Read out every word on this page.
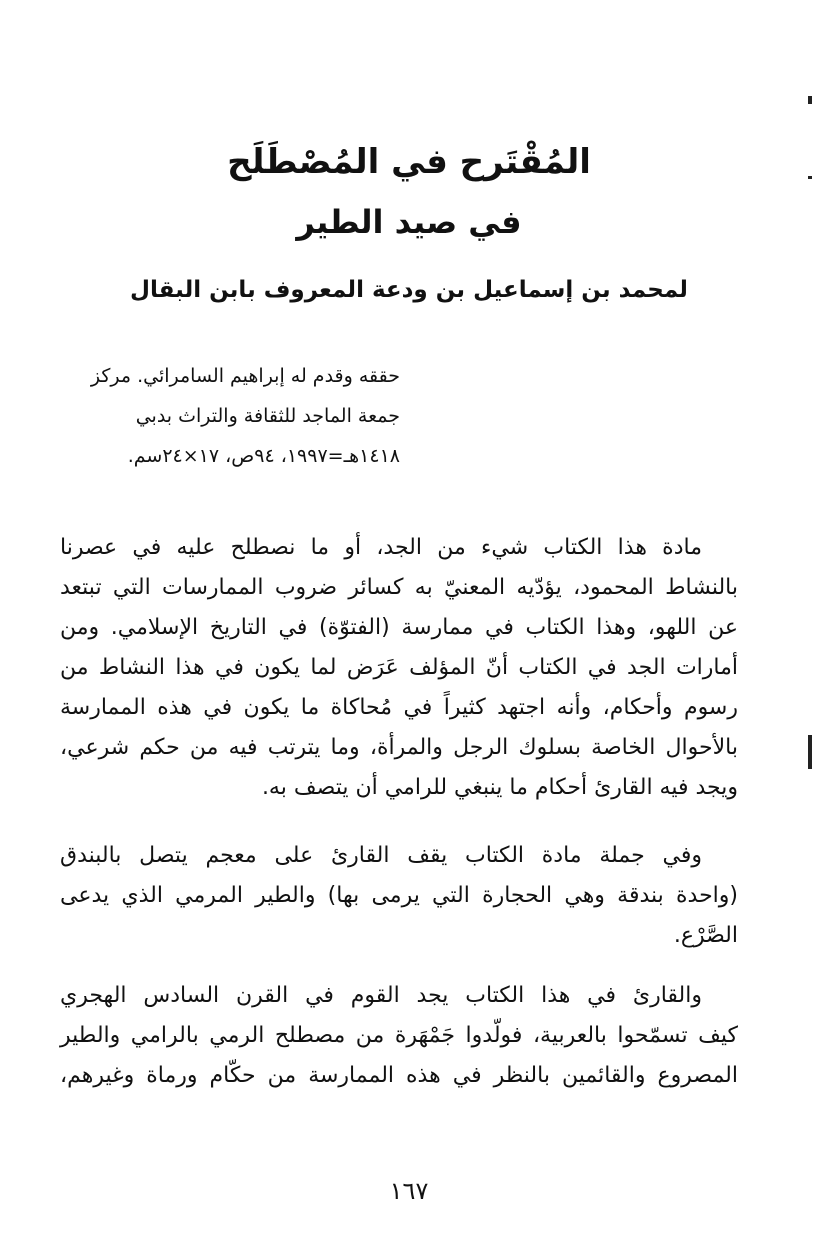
المُقْتَرح في المُصْطَلَح
في صيد الطير
لمحمد بن إسماعيل بن ودعة المعروف بابن البقال
حققه وقدم له إبراهيم السامرائي. مركز
جمعة الماجد للثقافة والتراث بدبي
١٤١٨هـ=١٩٩٧، ٩٤ص، ١٧×٢٤سم.
مادة هذا الكتاب شيء من الجد، أو ما نصطلح عليه في عصرنا
بالنشاط المحمود، يؤدّيه المعنيّ به كسائر ضروب الممارسات التي تبتعد
عن اللهو، وهذا الكتاب في ممارسة (الفتوّة) في التاريخ الإسلامي. ومن
أمارات الجد في الكتاب أنّ المؤلف عَرَض لما يكون في هذا النشاط من
رسوم وأحكام، وأنه اجتهد كثيراً في مُحاكاة ما يكون في هذه الممارسة
بالأحوال الخاصة بسلوك الرجل والمرأة، وما يترتب فيه من حكم شرعي،
ويجد فيه القارئ أحكام ما ينبغي للرامي أن يتصف به.
وفي جملة مادة الكتاب يقف القارئ على معجم يتصل بالبندق
(واحدة بندقة وهي الحجارة التي يرمى بها) والطير المرمي الذي يدعى
الصَّرْع.
والقارئ في هذا الكتاب يجد القوم في القرن السادس الهجري
كيف تسمّحوا بالعربية، فولّدوا جَمْهَرة من مصطلح الرمي بالرامي والطير
المصروع والقائمين بالنظر في هذه الممارسة من حكّام ورماة وغيرهم،
١٦٧
